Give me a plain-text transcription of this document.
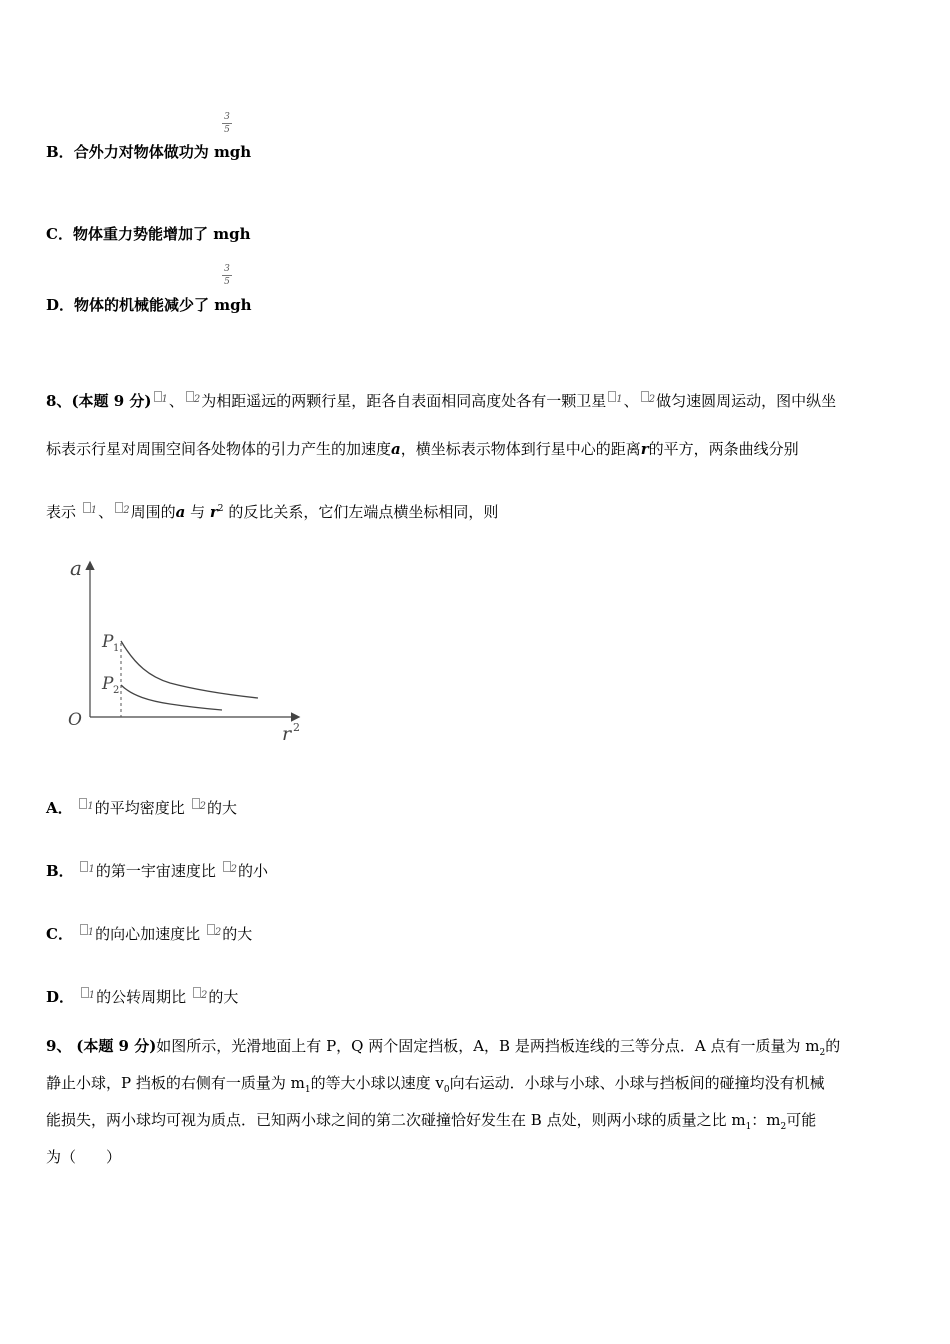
3
5
B．合外力对物体做功为 mgh
C．物体重力势能增加了 mgh
3
5
D．物体的机械能减少了 mgh
8、(本题 9 分) $^1$、 $^2$为相距遥远的两颗行星，距各自表面相同高度处各有一颗卫星 $^1$、 $^2$做匀速圆周运动，图中纵坐
标表示行星对周围空间各处物体的引力产生的加速度a，横坐标表示物体到行星中心的距离r的平方，两条曲线分别
表示 $^1$、 $^2$周围的a 与 $r^2$ 的反比关系，它们左端点横坐标相同，则
a
O
r 2
P 1
P 2
A． $^1$的平均密度比 $^2$的大
B． $^1$的第一宇宙速度比 $^2$的小
C． $^1$的向心加速度比 $^2$的大
D． $^1$的公转周期比 $^2$的大
9、 (本题 9 分)如图所示，光滑地面上有 P，Q 两个固定挡板，A，B 是两挡板连线的三等分点．A 点有一质量为 $m_2$的
静止小球，P 挡板的右侧有一质量为 $m_1$的等大小球以速度 $v_0$向右运动．小球与小球、小球与挡板间的碰撞均没有机械
能损失，两小球均可视为质点．已知两小球之间的第二次碰撞恰好发生在 B 点处，则两小球的质量之比 $m_1$：$m_2$可能
为（　　）
